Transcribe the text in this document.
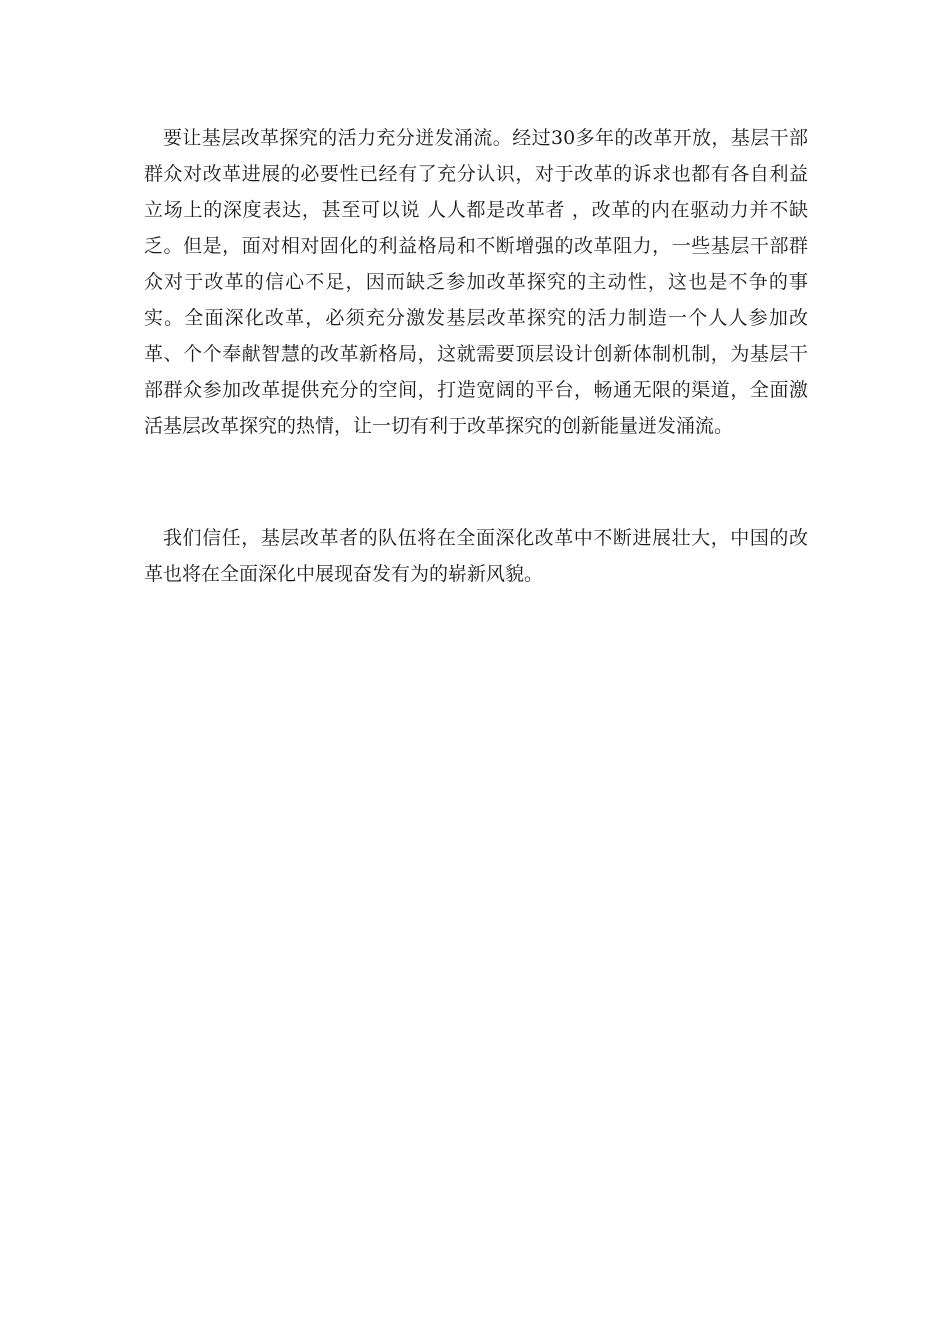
要让基层改革探究的活力充分迸发涌流。经过30多年的改革开放，基层干部群众对改革进展的必要性已经有了充分认识，对于改革的诉求也都有各自利益立场上的深度表达，甚至可以说 人人都是改革者 ，改革的内在驱动力并不缺乏。但是，面对相对固化的利益格局和不断增强的改革阻力，一些基层干部群众对于改革的信心不足，因而缺乏参加改革探究的主动性，这也是不争的事实。全面深化改革，必须充分激发基层改革探究的活力制造一个人人参加改革、个个奉献智慧的改革新格局，这就需要顶层设计创新体制机制，为基层干部群众参加改革提供充分的空间，打造宽阔的平台，畅通无限的渠道，全面激活基层改革探究的热情，让一切有利于改革探究的创新能量迸发涌流。

我们信任，基层改革者的队伍将在全面深化改革中不断进展壮大，中国的改革也将在全面深化中展现奋发有为的崭新风貌。
